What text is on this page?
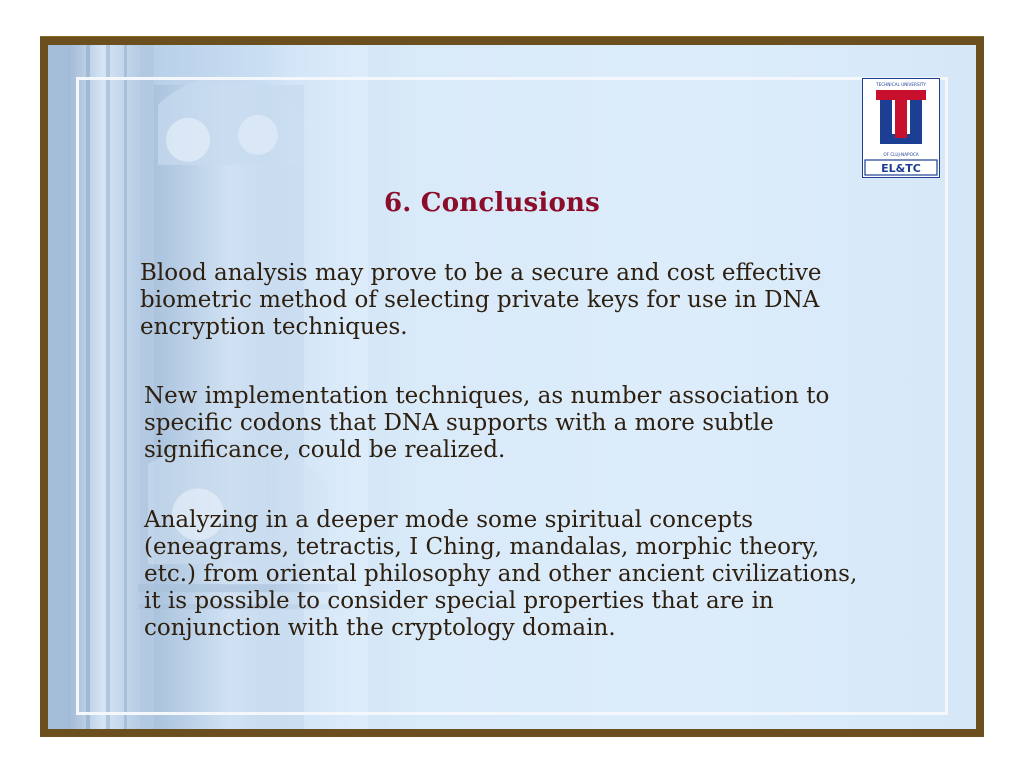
TECHNICAL UNIVERSITY
OF CLUJ-NAPOCA
EL&TC
6. Conclusions

Blood analysis may prove to be a secure and cost effective
biometric method of selecting private keys for use in DNA
encryption techniques.

New implementation techniques, as number association to
specific codons that DNA supports with a more subtle
significance, could be realized.

Analyzing in a deeper mode some spiritual concepts
(eneagrams, tetractis, I Ching, mandalas, morphic theory,
etc.) from oriental philosophy and other ancient civilizations,
it is possible to consider special properties that are in
conjunction with the cryptology domain.
